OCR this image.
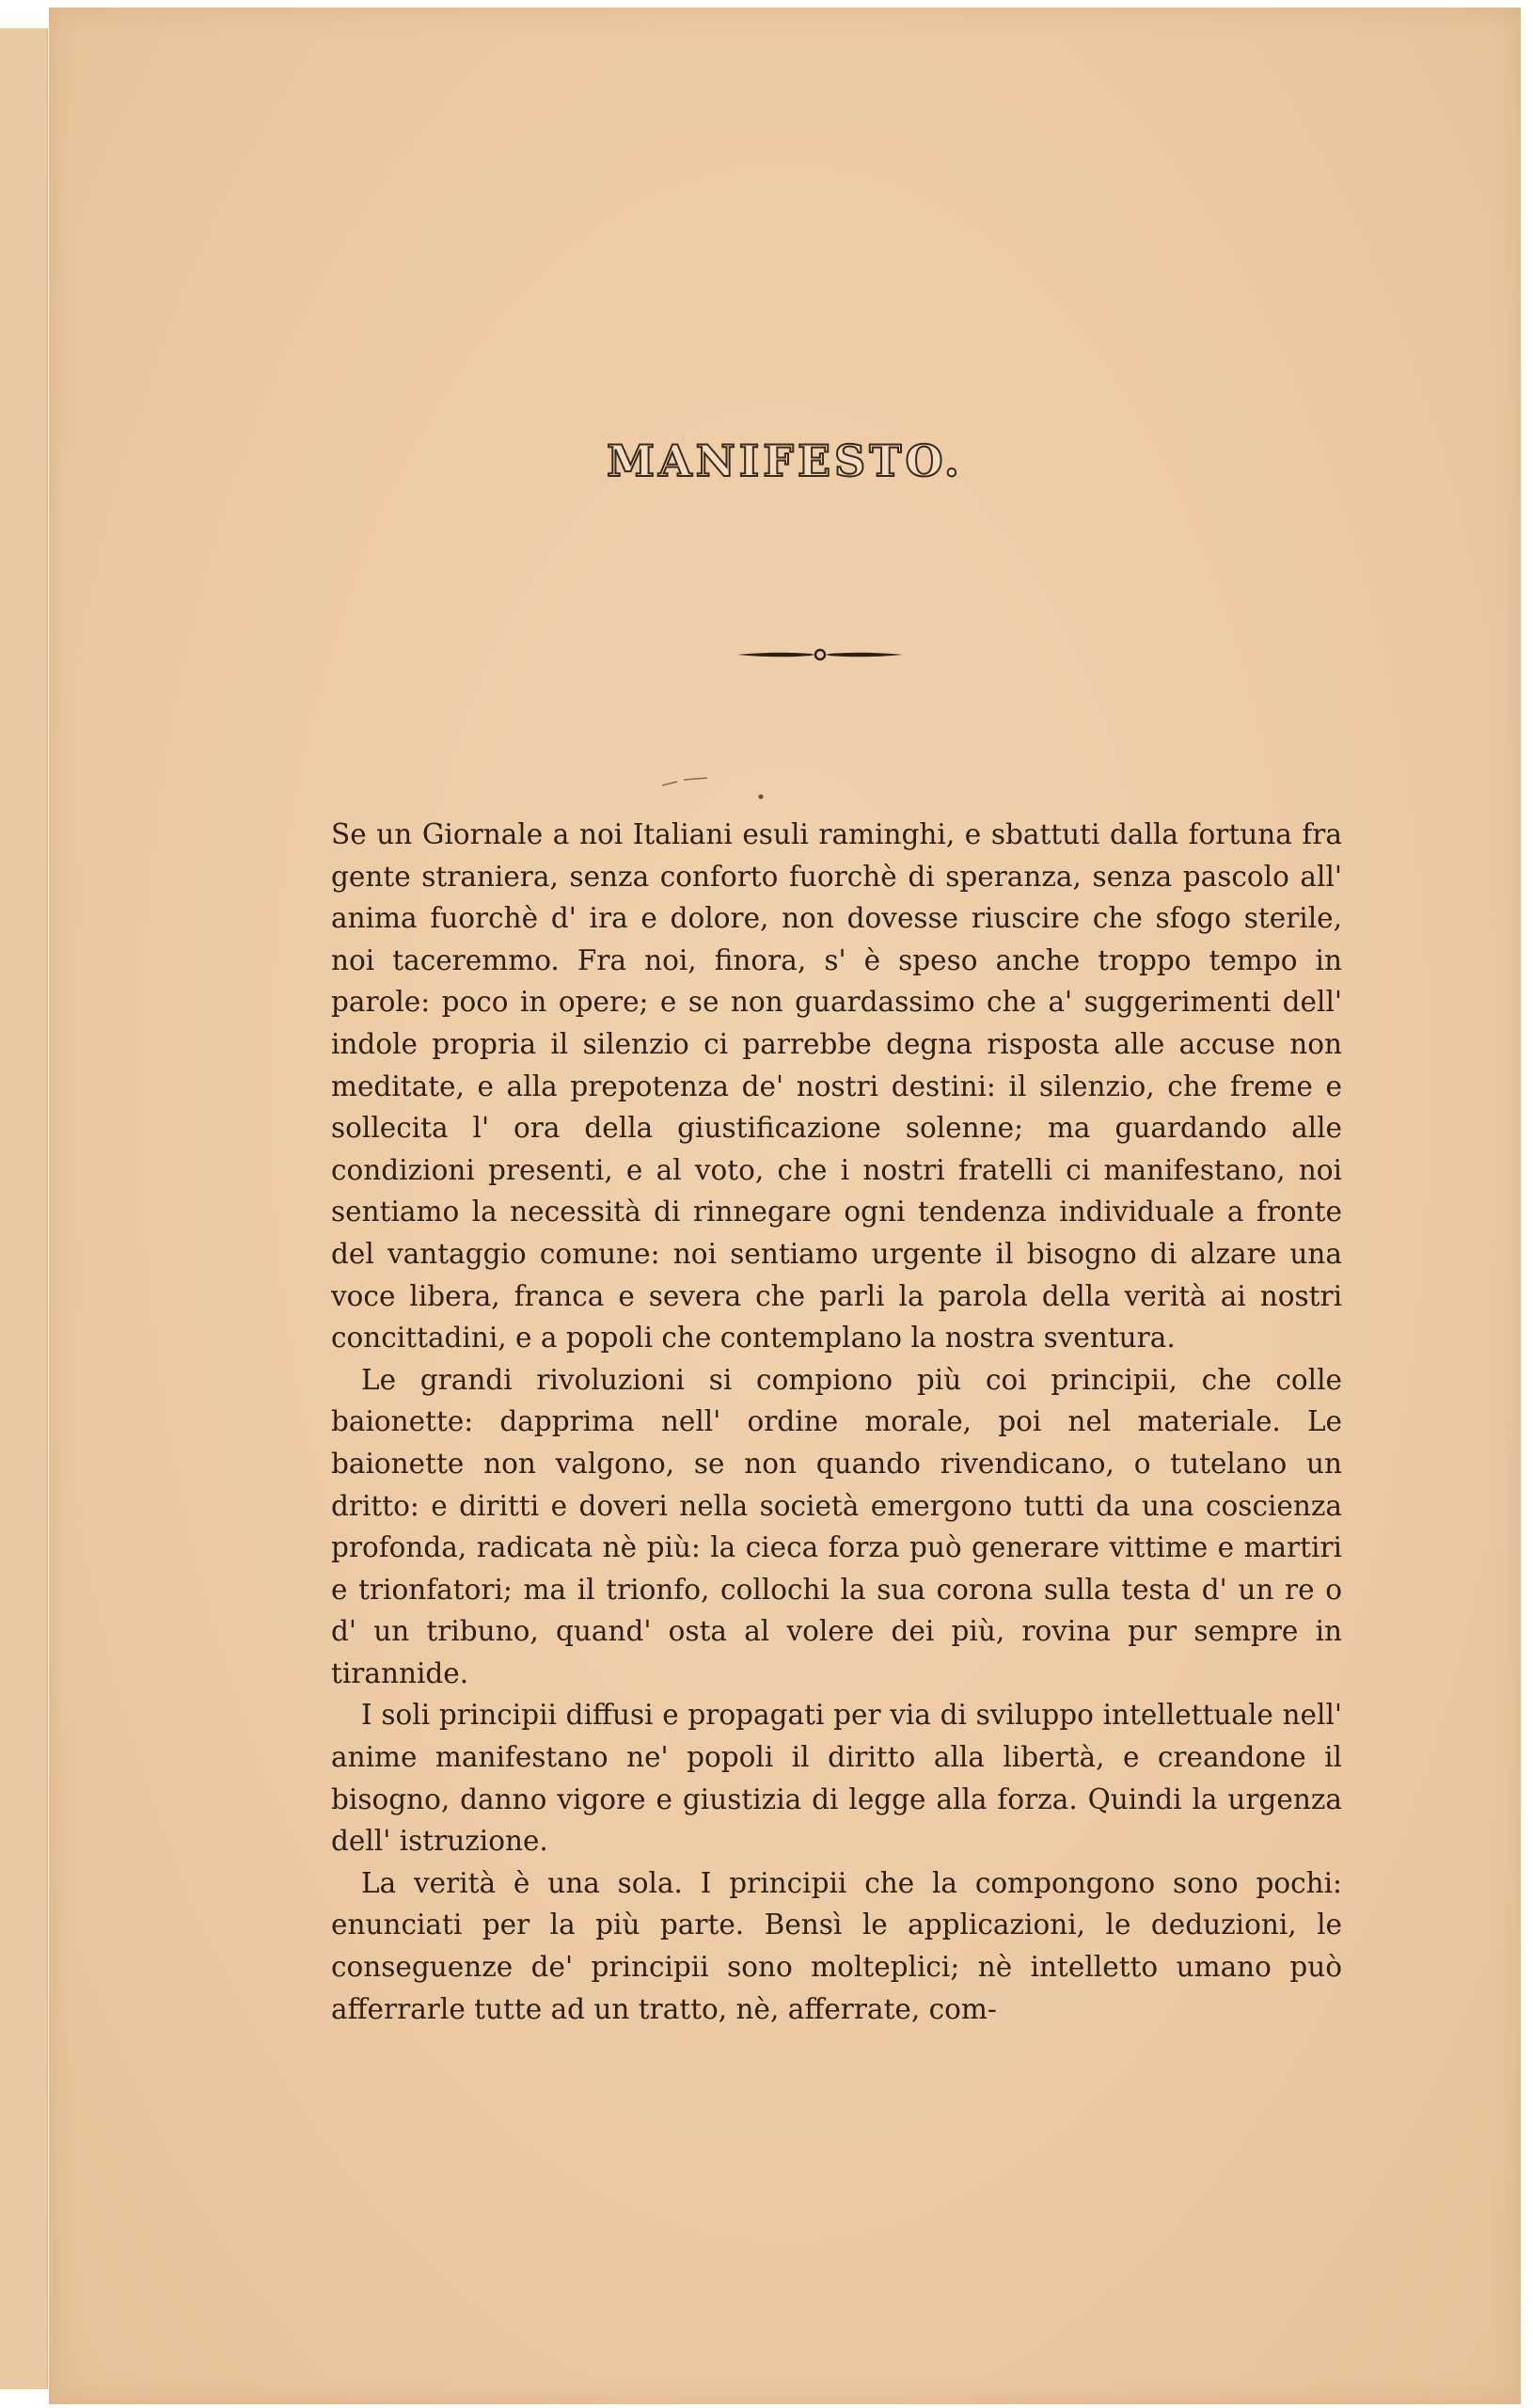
MANIFESTO.

Se un Giornale a noi Italiani esuli raminghi, e sbattuti dalla fortuna fra gente straniera, senza conforto fuorchè di speranza, senza pascolo all' anima fuorchè d' ira e dolore, non dovesse riuscire che sfogo sterile, noi taceremmo. Fra noi, finora, s' è speso anche troppo tempo in parole: poco in opere; e se non guardassimo che a' suggerimenti dell' indole propria il silenzio ci parrebbe degna risposta alle accuse non meditate, e alla prepotenza de' nostri destini: il silenzio, che freme e sollecita l' ora della giustificazione solenne; ma guardando alle condizioni presenti, e al voto, che i nostri fratelli ci manifestano, noi sentiamo la necessità di rinnegare ogni tendenza individuale a fronte del vantaggio comune: noi sentiamo urgente il bisogno di alzare una voce libera, franca e severa che parli la parola della verità ai nostri concittadini, e a popoli che contemplano la nostra sventura.

Le grandi rivoluzioni si compiono più coi principii, che colle baionette: dapprima nell' ordine morale, poi nel materiale. Le baionette non valgono, se non quando rivendicano, o tutelano un dritto: e diritti e doveri nella società emergono tutti da una coscienza profonda, radicata nè più: la cieca forza può generare vittime e martiri e trionfatori; ma il trionfo, collochi la sua corona sulla testa d' un re o d' un tribuno, quand' osta al volere dei più, rovina pur sempre in tirannide.

I soli principii diffusi e propagati per via di sviluppo intellettuale nell' anime manifestano ne' popoli il diritto alla libertà, e creandone il bisogno, danno vigore e giustizia di legge alla forza. Quindi la urgenza dell' istruzione.

La verità è una sola. I principii che la compongono sono pochi: enunciati per la più parte. Bensì le applicazioni, le deduzioni, le conseguenze de' principii sono molteplici; nè intelletto umano può afferrarle tutte ad un tratto, nè, afferrate, com-
